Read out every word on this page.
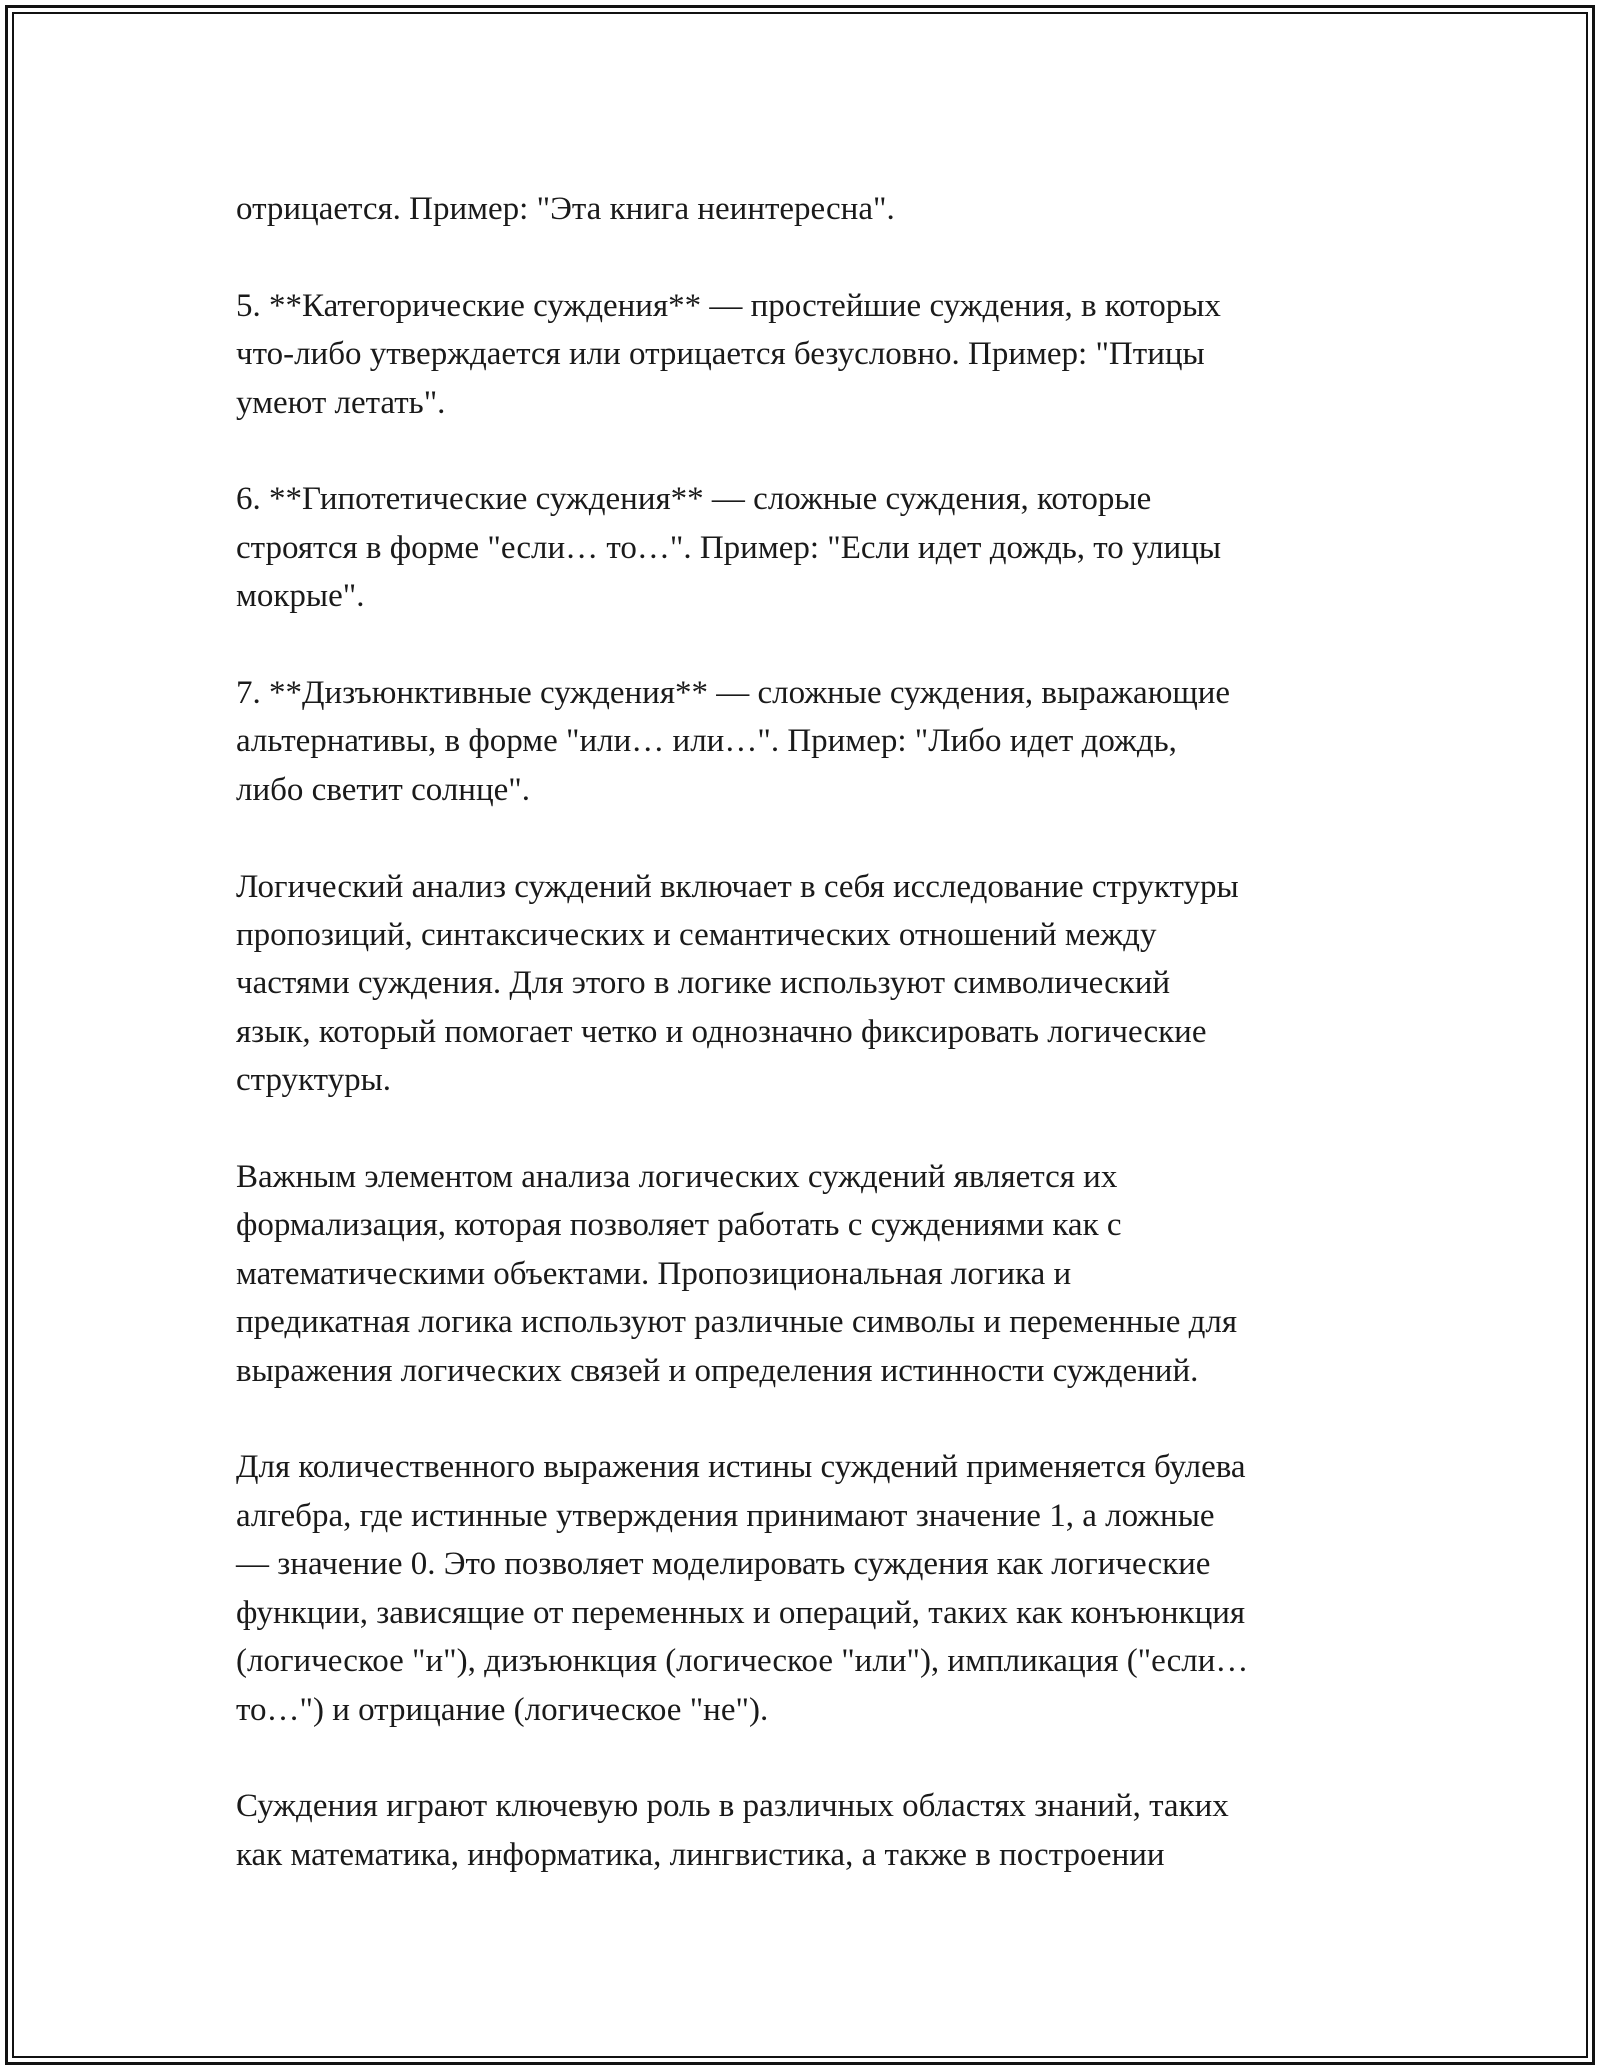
отрицается. Пример: "Эта книга неинтересна".

5. **Категорические суждения** — простейшие суждения, в которых
что-либо утверждается или отрицается безусловно. Пример: "Птицы
умеют летать".

6. **Гипотетические суждения** — сложные суждения, которые
строятся в форме "если… то…". Пример: "Если идет дождь, то улицы
мокрые".

7. **Дизъюнктивные суждения** — сложные суждения, выражающие
альтернативы, в форме "или… или…". Пример: "Либо идет дождь,
либо светит солнце".

Логический анализ суждений включает в себя исследование структуры
пропозиций, синтаксических и семантических отношений между
частями суждения. Для этого в логике используют символический
язык, который помогает четко и однозначно фиксировать логические
структуры.

Важным элементом анализа логических суждений является их
формализация, которая позволяет работать с суждениями как с
математическими объектами. Пропозициональная логика и
предикатная логика используют различные символы и переменные для
выражения логических связей и определения истинности суждений.

Для количественного выражения истины суждений применяется булева
алгебра, где истинные утверждения принимают значение 1, а ложные
— значение 0. Это позволяет моделировать суждения как логические
функции, зависящие от переменных и операций, таких как конъюнкция
(логическое "и"), дизъюнкция (логическое "или"), импликация ("если…
то…") и отрицание (логическое "не").

Суждения играют ключевую роль в различных областях знаний, таких
как математика, информатика, лингвистика, а также в построении
